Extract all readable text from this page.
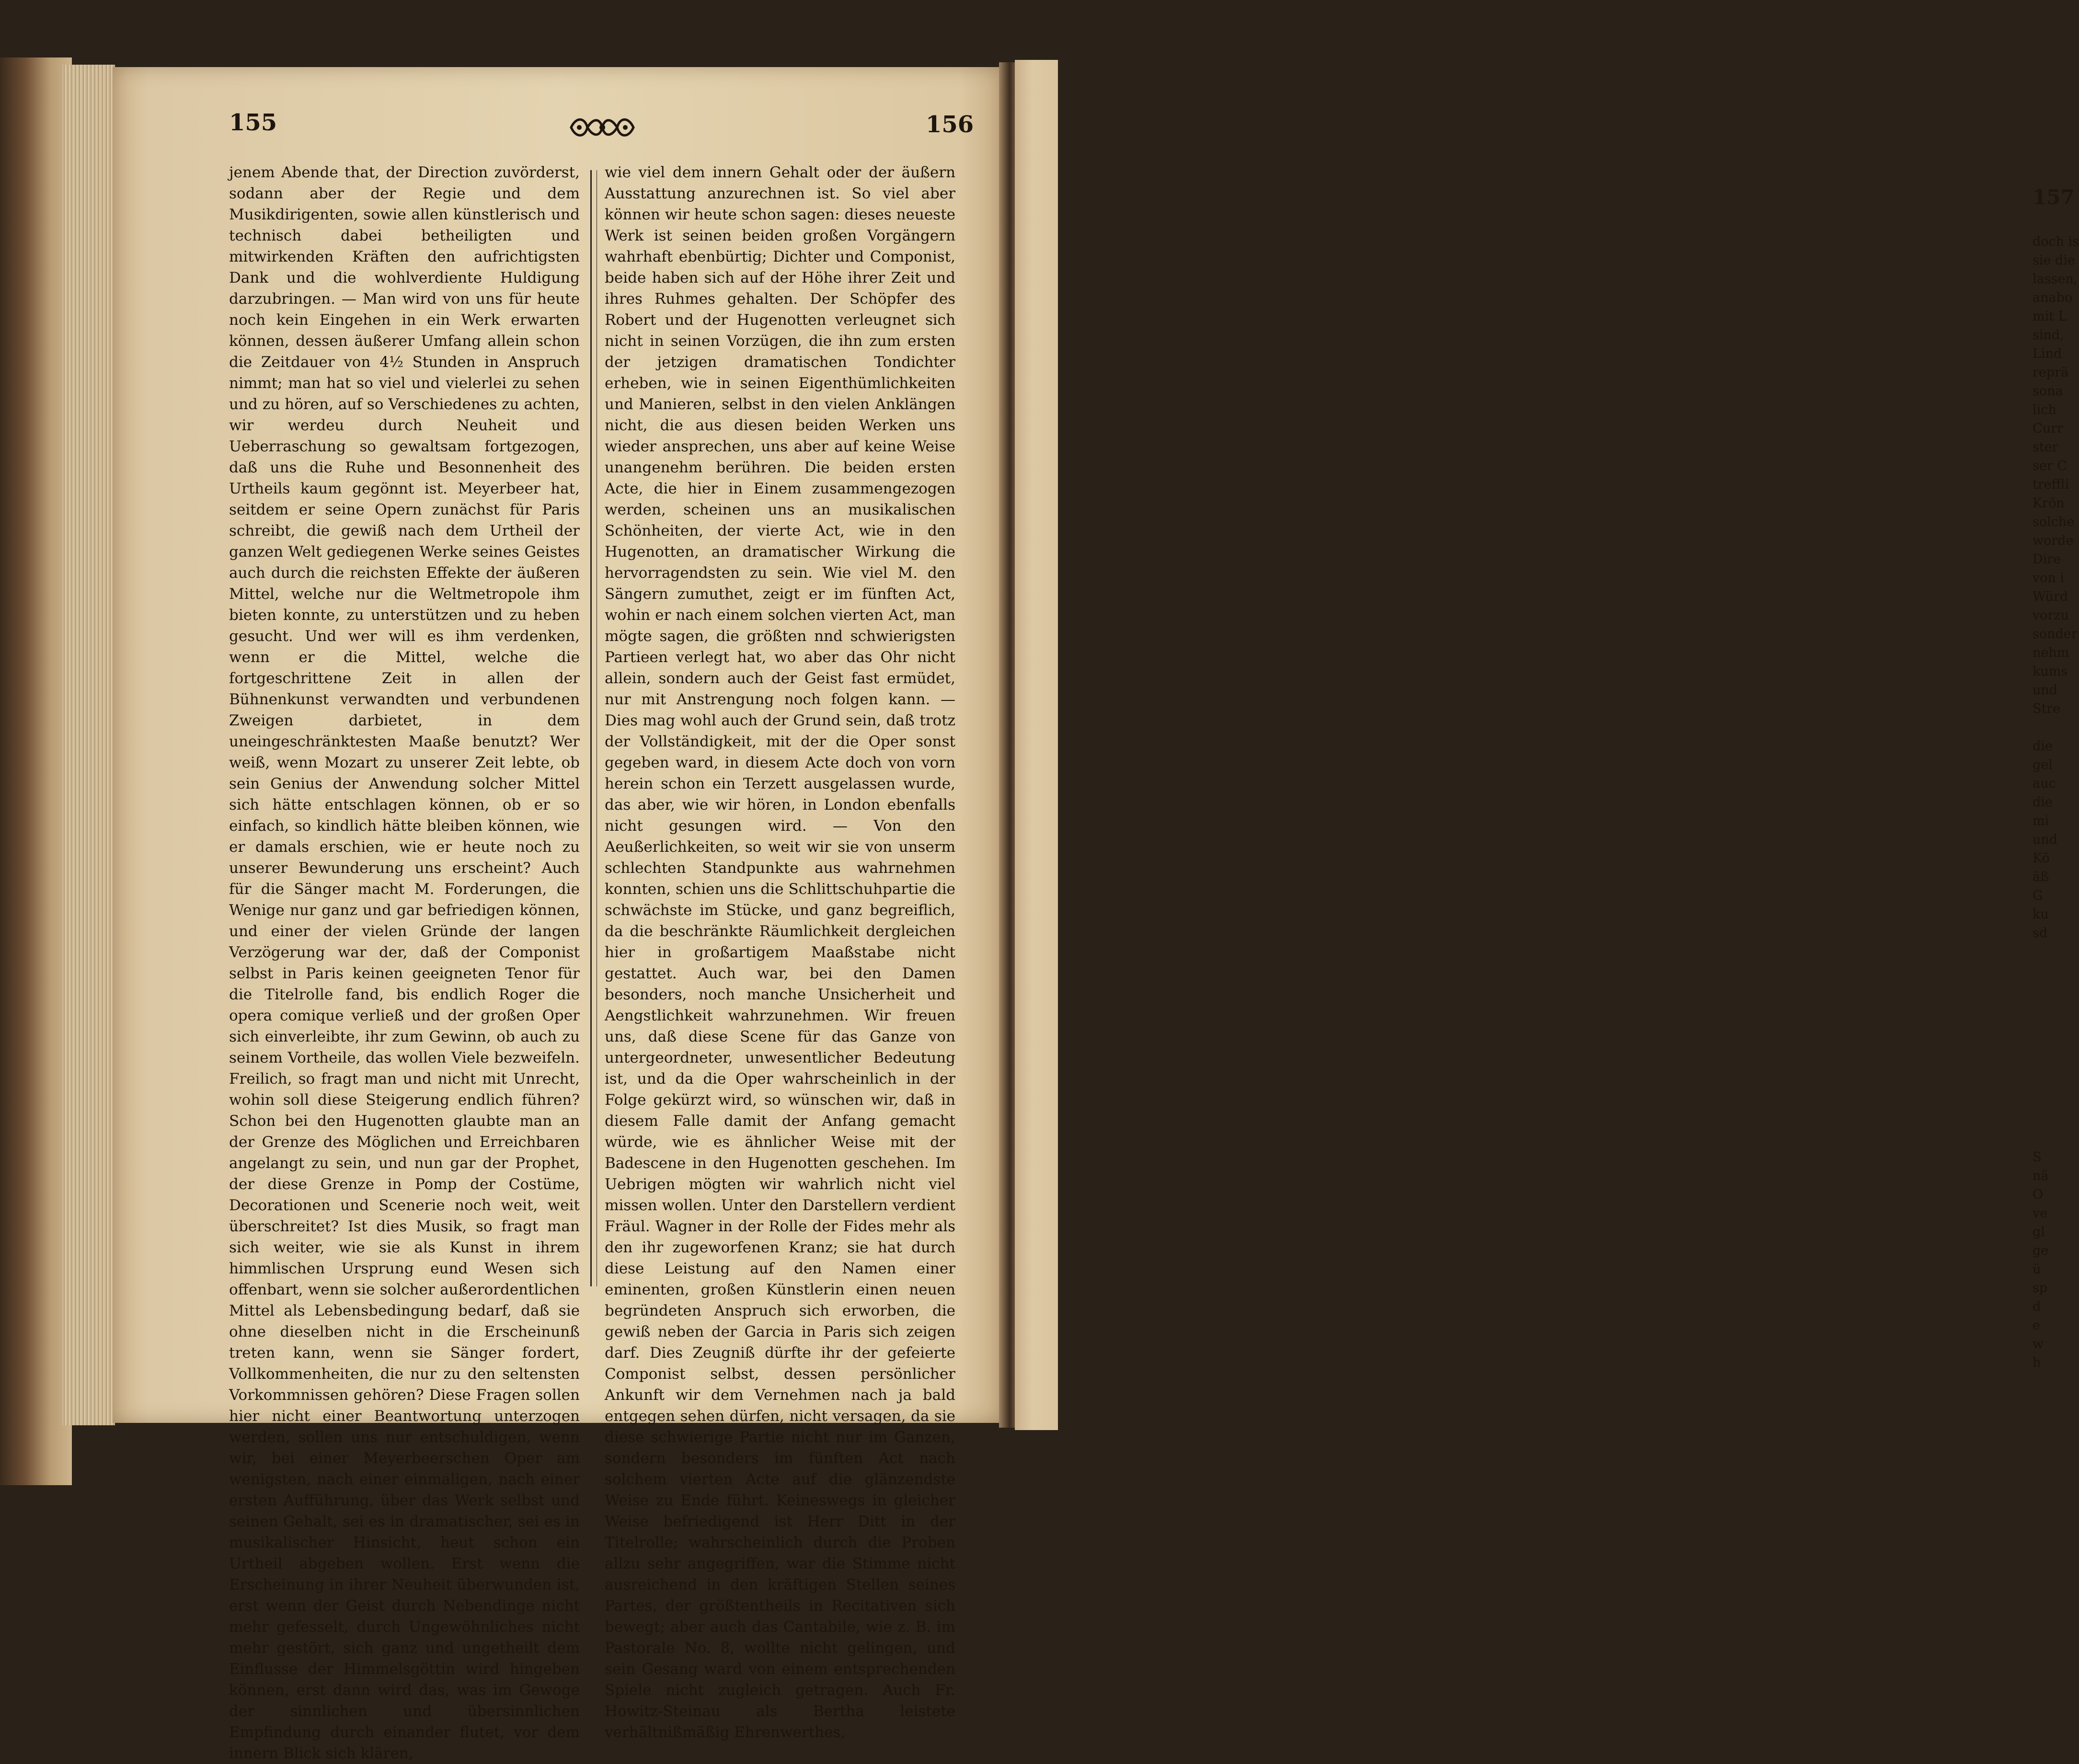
157
doch is
sie die
lassen,
anabo
mit L
sind,
Lind
reprä
sona
lich
Curr
ster
ser C
treffli
Krön
solche
worde
Dire
von i
Würd
vorzu
sonder
nehm
kums
und
Stre

die
gel
auc
die
mi
und
Kö
äß
G
ku
sd

S
nä
O
ve
gl
ge
ü
sp
d
e
w
h
155	156
jenem Abende that, der Direction zuvörderst, sodann aber der Regie und dem Musikdirigenten, sowie allen künstlerisch und technisch dabei betheiligten und mitwirkenden Kräften den aufrichtigsten Dank und die wohlverdiente Huldigung darzubringen. — Man wird von uns für heute noch kein Eingehen in ein Werk erwarten können, dessen äußerer Umfang allein schon die Zeitdauer von 4½ Stunden in Anspruch nimmt; man hat so viel und vielerlei zu sehen und zu hören, auf so Verschiedenes zu achten, wir werdeu durch Neuheit und Ueberraschung so gewaltsam fortgezogen, daß uns die Ruhe und Besonnenheit des Urtheils kaum gegönnt ist. Meyerbeer hat, seitdem er seine Opern zunächst für Paris schreibt, die gewiß nach dem Urtheil der ganzen Welt gediegenen Werke seines Geistes auch durch die reichsten Effekte der äußeren Mittel, welche nur die Weltmetropole ihm bieten konnte, zu unterstützen und zu heben gesucht. Und wer will es ihm verdenken, wenn er die Mittel, welche die fortgeschrittene Zeit in allen der Bühnenkunst verwandten und verbundenen Zweigen darbietet, in dem uneingeschränktesten Maaße benutzt? Wer weiß, wenn Mozart zu unserer Zeit lebte, ob sein Genius der Anwendung solcher Mittel sich hätte entschlagen können, ob er so einfach, so kindlich hätte bleiben können, wie er damals erschien, wie er heute noch zu unserer Bewunderung uns erscheint? Auch für die Sänger macht M. Forderungen, die Wenige nur ganz und gar befriedigen können, und einer der vielen Gründe der langen Verzögerung war der, daß der Componist selbst in Paris keinen geeigneten Tenor für die Titelrolle fand, bis endlich Roger die opera comique verließ und der großen Oper sich einverleibte, ihr zum Gewinn, ob auch zu seinem Vortheile, das wollen Viele bezweifeln. Freilich, so fragt man und nicht mit Unrecht, wohin soll diese Steigerung endlich führen? Schon bei den Hugenotten glaubte man an der Grenze des Möglichen und Erreichbaren angelangt zu sein, und nun gar der Prophet, der diese Grenze in Pomp der Costüme, Decorationen und Scenerie noch weit, weit überschreitet? Ist dies Musik, so fragt man sich weiter, wie sie als Kunst in ihrem himmlischen Ursprung eund Wesen sich offenbart, wenn sie solcher außerordentlichen Mittel als Lebensbedingung bedarf, daß sie ohne dieselben nicht in die Erscheinunß treten kann, wenn sie Sänger fordert, Vollkommenheiten, die nur zu den seltensten Vorkommnissen gehören? Diese Fragen sollen hier nicht einer Beantwortung unterzogen werden, sollen uns nur entschuldigen, wenn wir, bei einer Meyerbeerschen Oper am wenigsten, nach einer einmaligen, nach einer ersten Aufführung, über das Werk selbst und seinen Gehalt, sei es in dramatischer, sei es in musikalischer Hinsicht, heut schon ein Urtheil abgeben wollen. Erst wenn die Erscheinung in ihrer Neuheit überwunden ist, erst wenn der Geist durch Nebendinge nicht mehr gefesselt, durch Ungewöhnliches nicht mehr gestört, sich ganz und ungetheilt dem Einflusse der Himmelsgöttin wird hingeben können, erst dann wird das, was im Gewoge der sinnlichen und übersinnlichen Empfindung durch einander flutet, vor dem innern Blick sich klären,
wie viel dem innern Gehalt oder der äußern Ausstattung anzurechnen ist. So viel aber können wir heute schon sagen: dieses neueste Werk ist seinen beiden großen Vorgängern wahrhaft ebenbürtig; Dichter und Componist, beide haben sich auf der Höhe ihrer Zeit und ihres Ruhmes gehalten. Der Schöpfer des Robert und der Hugenotten verleugnet sich nicht in seinen Vorzügen, die ihn zum ersten der jetzigen dramatischen Tondichter erheben, wie in seinen Eigenthümlichkeiten und Manieren, selbst in den vielen Anklängen nicht, die aus diesen beiden Werken uns wieder ansprechen, uns aber auf keine Weise unangenehm berühren. Die beiden ersten Acte, die hier in Einem zusammengezogen werden, scheinen uns an musikalischen Schönheiten, der vierte Act, wie in den Hugenotten, an dramatischer Wirkung die hervorragendsten zu sein. Wie viel M. den Sängern zumuthet, zeigt er im fünften Act, wohin er nach einem solchen vierten Act, man mögte sagen, die größten nnd schwierigsten Partieen verlegt hat, wo aber das Ohr nicht allein, sondern auch der Geist fast ermüdet, nur mit Anstrengung noch folgen kann. — Dies mag wohl auch der Grund sein, daß trotz der Vollständigkeit, mit der die Oper sonst gegeben ward, in diesem Acte doch von vorn herein schon ein Terzett ausgelassen wurde, das aber, wie wir hören, in London ebenfalls nicht gesungen wird. — Von den Aeußerlichkeiten, so weit wir sie von unserm schlechten Standpunkte aus wahrnehmen konnten, schien uns die Schlittschuhpartie die schwächste im Stücke, und ganz begreiflich, da die beschränkte Räumlichkeit dergleichen hier in großartigem Maaßstabe nicht gestattet. Auch war, bei den Damen besonders, noch manche Unsicherheit und Aengstlichkeit wahrzunehmen. Wir freuen uns, daß diese Scene für das Ganze von untergeordneter, unwesentlicher Bedeutung ist, und da die Oper wahrscheinlich in der Folge gekürzt wird, so wünschen wir, daß in diesem Falle damit der Anfang gemacht würde, wie es ähnlicher Weise mit der Badescene in den Hugenotten geschehen. Im Uebrigen mögten wir wahrlich nicht viel missen wollen. Unter den Darstellern verdient Fräul. Wagner in der Rolle der Fides mehr als den ihr zugeworfenen Kranz; sie hat durch diese Leistung auf den Namen einer eminenten, großen Künstlerin einen neuen begründeten Anspruch sich erworben, die gewiß neben der Garcia in Paris sich zeigen darf. Dies Zeugniß dürfte ihr der gefeierte Componist selbst, dessen persönlicher Ankunft wir dem Vernehmen nach ja bald entgegen sehen dürfen, nicht versagen, da sie diese schwierige Partie nicht nur im Ganzen, sondern besonders im fünften Act nach solchem vierten Acte auf die glänzendste Weise zu Ende führt. Keineswegs in gleicher Weise befriedigend ist Herr Ditt in der Titelrolle; wahrscheinlich durch die Proben allzu sehr angegriffen, war die Stimme nicht ausreichend in den kräftigen Stellen seines Partes, der größtentheils in Recitativen sich bewegt; aber auch das Cantabile, wie z. B. im Pastorale No. 8, wollte nicht gelingen, und sein Gesang ward von einem entsprechenden Spiele nicht zugleich getragen. Auch Fr. Howitz-Steinau als Bertha leistete verhältnißmäßig Ehrenwerthes,
